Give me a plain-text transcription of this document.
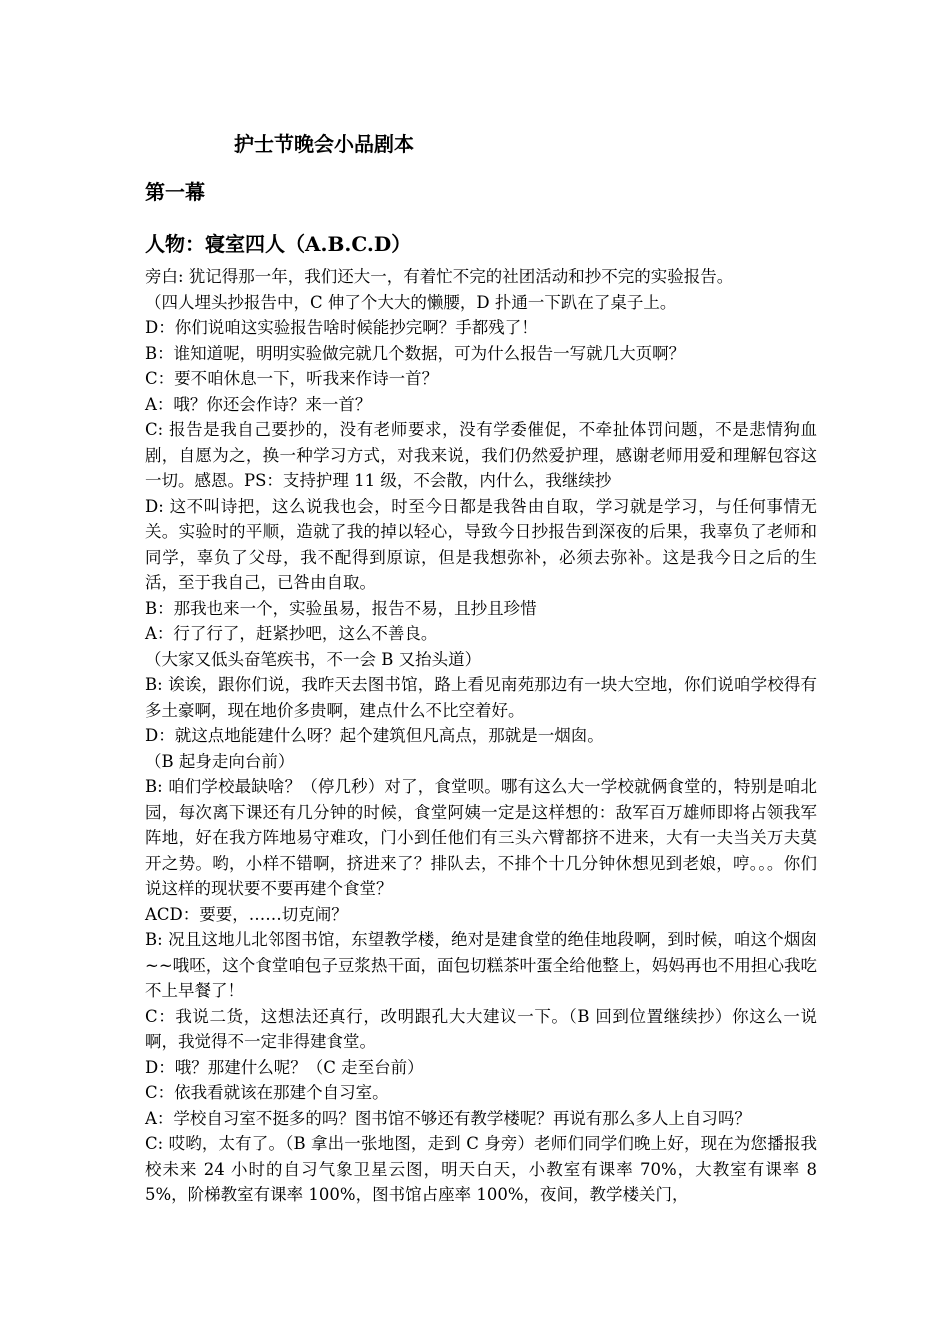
护士节晚会小品剧本
第一幕
人物：寝室四人（A.B.C.D）

旁白: 犹记得那一年，我们还大一，有着忙不完的社团活动和抄不完的实验报告。

（四人埋头抄报告中，C 伸了个大大的懒腰，D 扑通一下趴在了桌子上。

D：你们说咱这实验报告啥时候能抄完啊？手都残了！

B：谁知道呢，明明实验做完就几个数据，可为什么报告一写就几大页啊？

C：要不咱休息一下，听我来作诗一首？

A：哦？你还会作诗？来一首？

C: 报告是我自己要抄的，没有老师要求，没有学委催促，不牵扯体罚问题，不是悲情狗血剧，自愿为之，换一种学习方式，对我来说，我们仍然爱护理，感谢老师用爱和理解包容这一切。感恩。PS：支持护理 11 级，不会散，内什么，我继续抄

D: 这不叫诗把，这么说我也会，时至今日都是我咎由自取，学习就是学习，与任何事情无关。实验时的平顺，造就了我的掉以轻心，导致今日抄报告到深夜的后果，我辜负了老师和同学，辜负了父母，我不配得到原谅，但是我想弥补，必须去弥补。这是我今日之后的生活，至于我自己，已咎由自取。

B：那我也来一个，实验虽易，报告不易，且抄且珍惜

A：行了行了，赶紧抄吧，这么不善良。

（大家又低头奋笔疾书，不一会 B 又抬头道）

B: 诶诶，跟你们说，我昨天去图书馆，路上看见南苑那边有一块大空地，你们说咱学校得有多土豪啊，现在地价多贵啊，建点什么不比空着好。

D：就这点地能建什么呀？起个建筑但凡高点，那就是一烟囱。

（B 起身走向台前）

B: 咱们学校最缺啥？（停几秒）对了，食堂呗。哪有这么大一学校就俩食堂的，特别是咱北园，每次离下课还有几分钟的时候，食堂阿姨一定是这样想的：敌军百万雄师即将占领我军阵地，好在我方阵地易守难攻，门小到任他们有三头六臂都挤不进来，大有一夫当关万夫莫开之势。哟，小样不错啊，挤进来了？排队去，不排个十几分钟休想见到老娘，哼。。。你们说这样的现状要不要再建个食堂？

ACD：要要，……切克闹？

B: 况且这地儿北邻图书馆，东望教学楼，绝对是建食堂的绝佳地段啊，到时候，咱这个烟囱~~哦呸，这个食堂咱包子豆浆热干面，面包切糕茶叶蛋全给他整上，妈妈再也不用担心我吃不上早餐了！

C：我说二货，这想法还真行，改明跟孔大大建议一下。（B 回到位置继续抄）你这么一说啊，我觉得不一定非得建食堂。

D：哦？那建什么呢？（C 走至台前）

C：依我看就该在那建个自习室。

A：学校自习室不挺多的吗？图书馆不够还有教学楼呢？再说有那么多人上自习吗？

C: 哎哟，太有了。（B 拿出一张地图，走到 C 身旁）老师们同学们晚上好，现在为您播报我校未来 24 小时的自习气象卫星云图，明天白天，小教室有课率 70%，大教室有课率 85%，阶梯教室有课率 100%，图书馆占座率 100%，夜间，教学楼关门，
